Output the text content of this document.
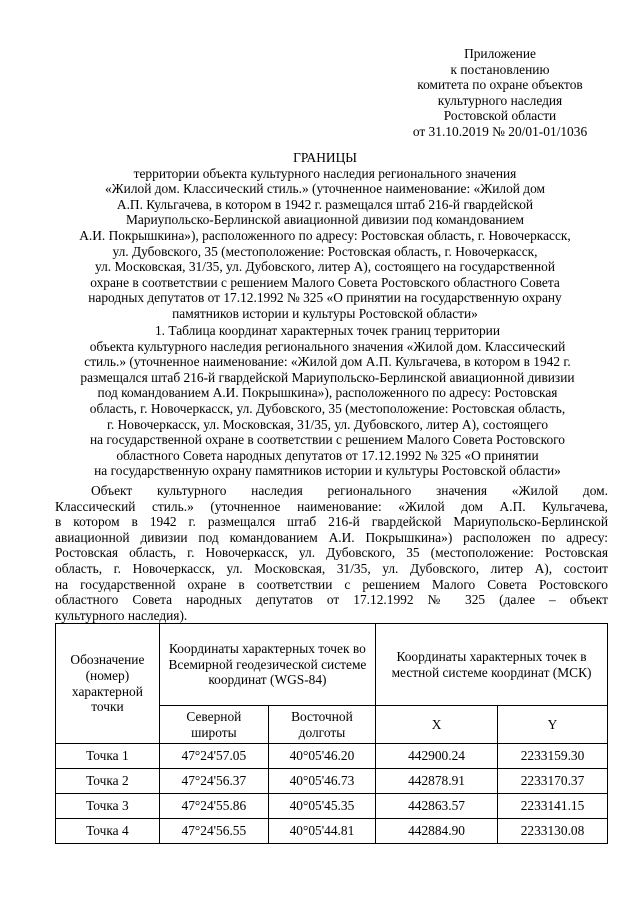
Приложение
к постановлению
комитета по охране объектов
культурного наследия
Ростовской области
от 31.10.2019 № 20/01-01/1036
ГРАНИЦЫ
территории объекта культурного наследия регионального значения
«Жилой дом. Классический стиль.» (уточненное наименование: «Жилой дом
А.П. Кульгачева, в котором в 1942 г. размещался штаб 216-й гвардейской
Мариупольско-Берлинской авиационной дивизии под командованием
А.И. Покрышкина»), расположенного по адресу: Ростовская область, г. Новочеркасск,
ул. Дубовского, 35 (местоположение: Ростовская область, г. Новочеркасск,
ул. Московская, 31/35, ул. Дубовского, литер А), состоящего на государственной
охране в соответствии с решением Малого Совета Ростовского областного Совета
народных депутатов от 17.12.1992 № 325 «О принятии на государственную охрану
памятников истории и культуры Ростовской области»
1. Таблица координат характерных точек границ территории
объекта культурного наследия регионального значения «Жилой дом. Классический
стиль.» (уточненное наименование: «Жилой дом А.П. Кульгачева, в котором в 1942 г.
размещался штаб 216-й гвардейской Мариупольско-Берлинской авиационной дивизии
под командованием А.И. Покрышкина»), расположенного по адресу: Ростовская
область, г. Новочеркасск, ул. Дубовского, 35 (местоположение: Ростовская область,
г. Новочеркасск, ул. Московская, 31/35, ул. Дубовского, литер А), состоящего
на государственной охране в соответствии с решением Малого Совета Ростовского
областного Совета народных депутатов от 17.12.1992 № 325 «О принятии
на государственную охрану памятников истории и культуры Ростовской области»
Объект культурного наследия регионального значения «Жилой дом.
Классический стиль.» (уточненное наименование: «Жилой дом А.П. Кульгачева,
в котором в 1942 г. размещался штаб 216-й гвардейской Мариупольско-Берлинской
авиационной дивизии под командованием А.И. Покрышкина») расположен по адресу:
Ростовская область, г. Новочеркасск, ул. Дубовского, 35 (местоположение: Ростовская
область, г. Новочеркасск, ул. Московская, 31/35, ул. Дубовского, литер А), состоит
на государственной охране в соответствии с решением Малого Совета Ростовского
областного Совета народных депутатов от 17.12.1992 № 325 (далее – объект
культурного наследия).
Обозначение (номер) характерной точки	Координаты характерных точек во Всемирной геодезической системе координат (WGS-84)		Координаты характерных точек в местной системе координат (МСК)	
	Северной широты	Восточной долготы	X	Y
Точка 1	47°24'57.05	40°05'46.20	442900.24	2233159.30
Точка 2	47°24'56.37	40°05'46.73	442878.91	2233170.37
Точка 3	47°24'55.86	40°05'45.35	442863.57	2233141.15
Точка 4	47°24'56.55	40°05'44.81	442884.90	2233130.08
